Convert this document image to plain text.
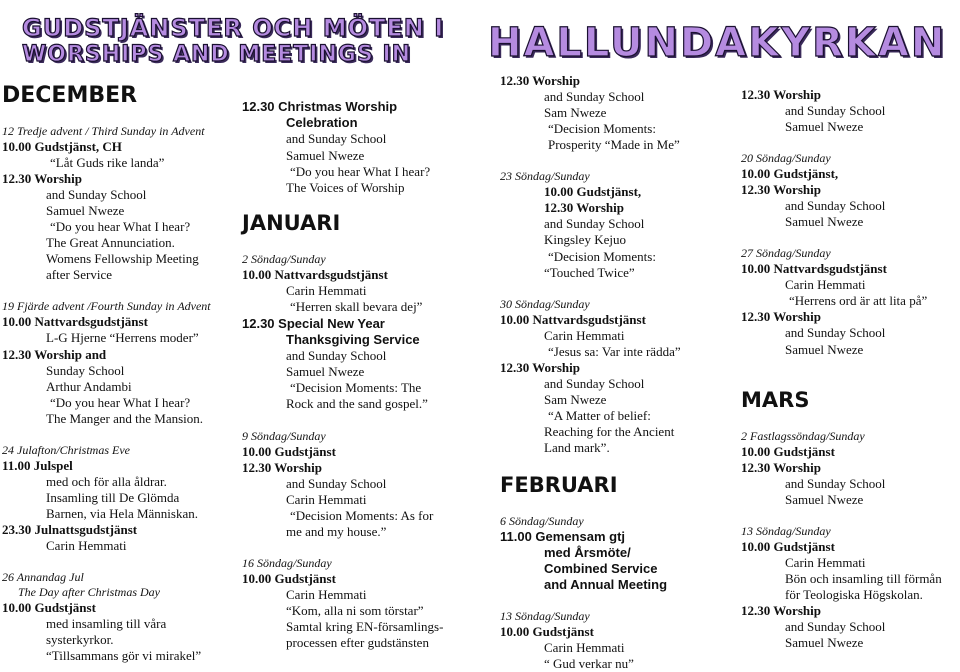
GUDSTJÄNSTER OCH MÖTEN I
WORSHIPS AND MEETINGS IN HALLUNDAKYRKAN
DECEMBER
12 Tredje advent / Third Sunday in Advent
10.00 Gudstjänst, CH
“Låt Guds rike landa”
12.30 Worship
and Sunday School
Samuel Nweze
“Do you hear What I hear?
The Great Annunciation.
Womens Fellowship Meeting
after Service
19 Fjärde advent /Fourth Sunday in Advent
10.00 Nattvardsgudstjänst
L-G Hjerne “Herrens moder”
12.30 Worship and
Sunday School
Arthur Andambi
“Do you hear What I hear?
The Manger and the Mansion.
24 Julafton/Christmas Eve
11.00 Julspel
med och för alla åldrar.
Insamling till De Glömda
Barnen, via Hela Människan.
23.30 Julnattsgudstjänst
Carin Hemmati
26 Annandag Jul
The Day after Christmas Day
10.00 Gudstjänst
med insamling till våra
systerkyrkor.
“Tillsammans gör vi mirakel”
12.30 Christmas Worship
Celebration
and Sunday School
Samuel Nweze
“Do you hear What I hear?
The Voices of Worship
JANUARI
2 Söndag/Sunday
10.00 Nattvardsgudstjänst
Carin Hemmati
“Herren skall bevara dej”
12.30 Special New Year
Thanksgiving Service
and Sunday School
Samuel Nweze
“Decision Moments: The
Rock and the sand gospel.”
9 Söndag/Sunday
10.00 Gudstjänst
12.30 Worship
and Sunday School
Carin Hemmati
“Decision Moments: As for
me and my house.”
16 Söndag/Sunday
10.00 Gudstjänst
Carin Hemmati
“Kom, alla ni som törstar”
Samtal kring EN-församlings-
processen efter gudstänsten
12.30 Worship
and Sunday School
Sam Nweze
“Decision Moments:
Prosperity “Made in Me”
23 Söndag/Sunday
10.00 Gudstjänst,
12.30 Worship
and Sunday School
Kingsley Kejuo
“Decision Moments:
“Touched Twice”
30 Söndag/Sunday
10.00 Nattvardsgudstjänst
Carin Hemmati
“Jesus sa: Var inte rädda”
12.30 Worship
and Sunday School
Sam Nweze
“A Matter of belief:
Reaching for the Ancient
Land mark”.
FEBRUARI
6 Söndag/Sunday
11.00 Gemensam gtj
med Årsmöte/
Combined Service
and Annual Meeting
13 Söndag/Sunday
10.00 Gudstjänst
Carin Hemmati
“ Gud verkar nu”
12.30 Worship
and Sunday School
Samuel Nweze
20 Söndag/Sunday
10.00 Gudstjänst,
12.30 Worship
and Sunday School
Samuel Nweze
27 Söndag/Sunday
10.00 Nattvardsgudstjänst
Carin Hemmati
“Herrens ord är att lita på”
12.30 Worship
and Sunday School
Samuel Nweze
MARS
2 Fastlagssöndag/Sunday
10.00 Gudstjänst
12.30 Worship
and Sunday School
Samuel Nweze
13 Söndag/Sunday
10.00 Gudstjänst
Carin Hemmati
Bön och insamling till förmån
för Teologiska Högskolan.
12.30 Worship
and Sunday School
Samuel Nweze
